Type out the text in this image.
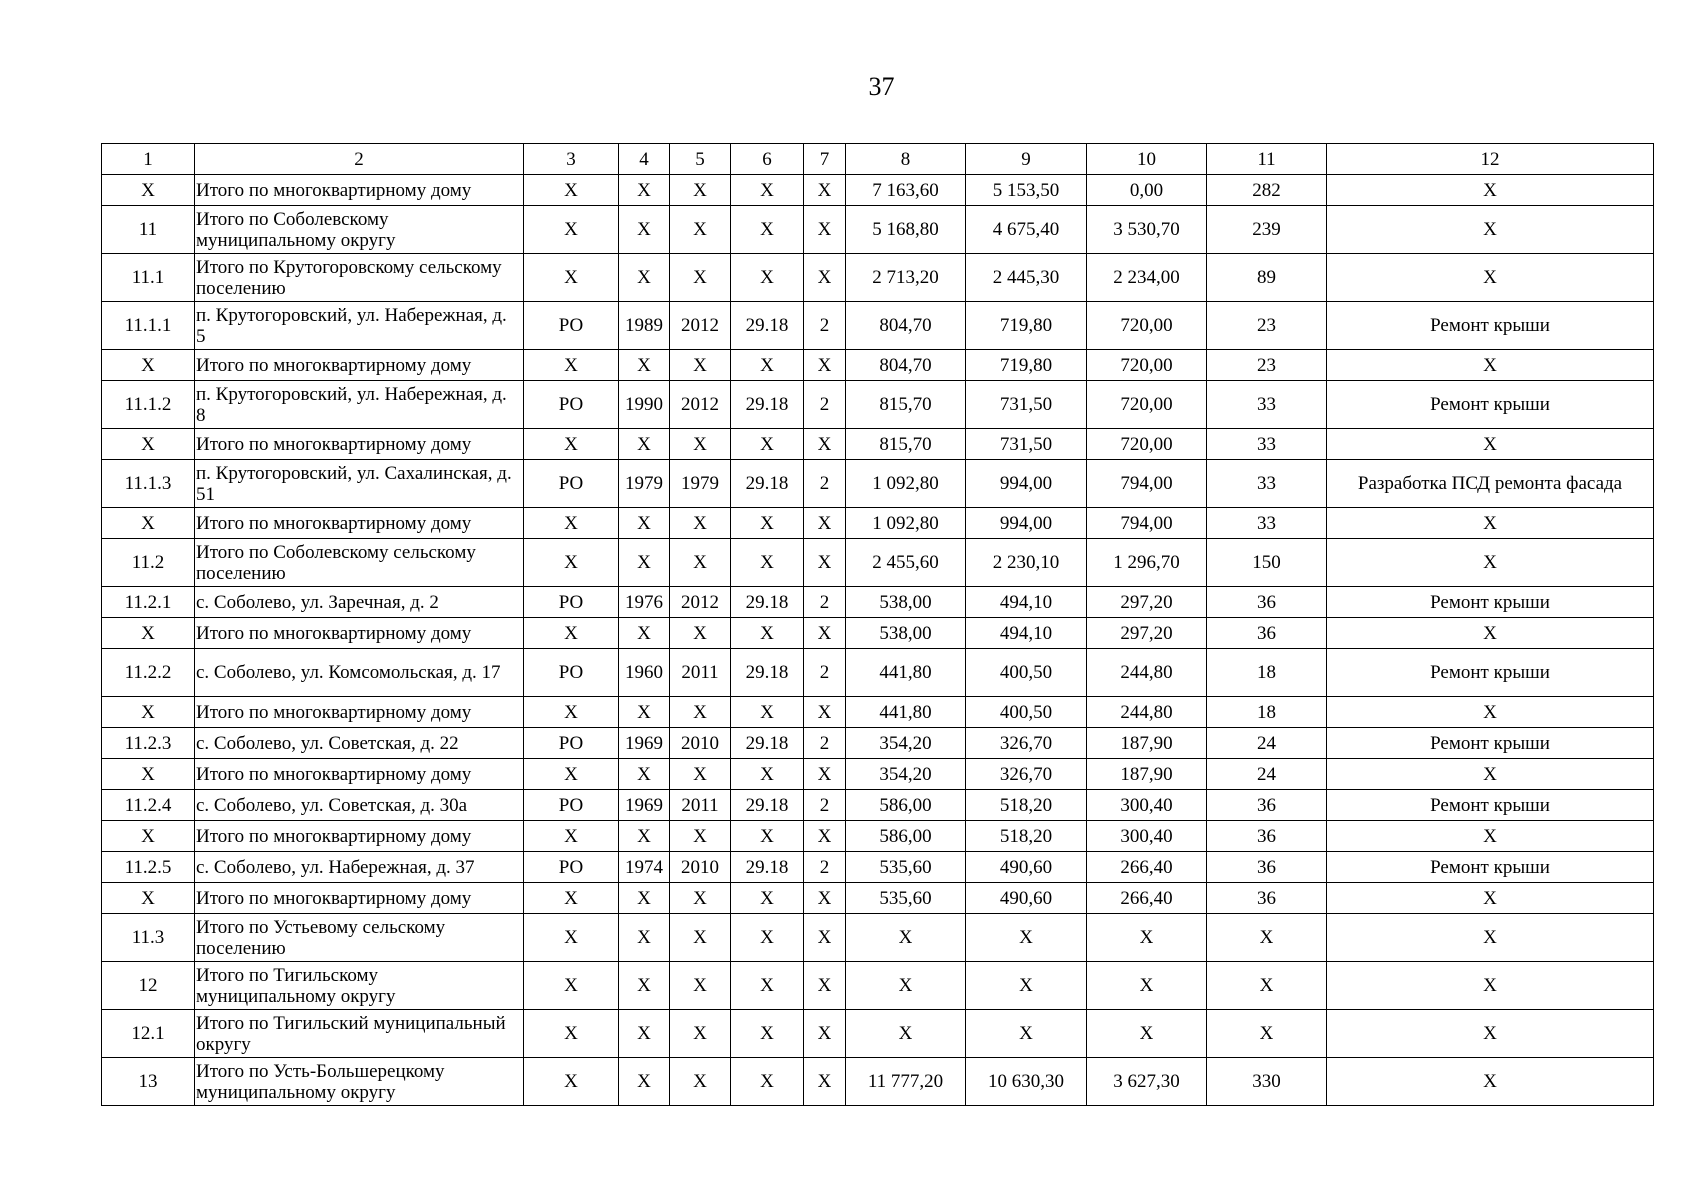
37
1	2	3	4	5	6	7	8	9	10	11	12
Х	Итого по многоквартирному дому	Х	Х	Х	Х	Х	7 163,60	5 153,50	0,00	282	Х
11	Итого по Соболевскому муниципальному округу	Х	Х	Х	Х	Х	5 168,80	4 675,40	3 530,70	239	Х
11.1	Итого по Крутогоровскому сельскому поселению	Х	Х	Х	Х	Х	2 713,20	2 445,30	2 234,00	89	Х
11.1.1	п. Крутогоровский, ул. Набережная, д. 5	РО	1989	2012	29.18	2	804,70	719,80	720,00	23	Ремонт крыши
Х	Итого по многоквартирному дому	Х	Х	Х	Х	Х	804,70	719,80	720,00	23	Х
11.1.2	п. Крутогоровский, ул. Набережная, д. 8	РО	1990	2012	29.18	2	815,70	731,50	720,00	33	Ремонт крыши
Х	Итого по многоквартирному дому	Х	Х	Х	Х	Х	815,70	731,50	720,00	33	Х
11.1.3	п. Крутогоровский, ул. Сахалинская, д. 51	РО	1979	1979	29.18	2	1 092,80	994,00	794,00	33	Разработка ПСД ремонта фасада
Х	Итого по многоквартирному дому	Х	Х	Х	Х	Х	1 092,80	994,00	794,00	33	Х
11.2	Итого по Соболевскому сельскому поселению	Х	Х	Х	Х	Х	2 455,60	2 230,10	1 296,70	150	Х
11.2.1	с. Соболево, ул. Заречная, д. 2	РО	1976	2012	29.18	2	538,00	494,10	297,20	36	Ремонт крыши
Х	Итого по многоквартирному дому	Х	Х	Х	Х	Х	538,00	494,10	297,20	36	Х
11.2.2	с. Соболево, ул. Комсомольская, д. 17	РО	1960	2011	29.18	2	441,80	400,50	244,80	18	Ремонт крыши
Х	Итого по многоквартирному дому	Х	Х	Х	Х	Х	441,80	400,50	244,80	18	Х
11.2.3	с. Соболево, ул. Советская, д. 22	РО	1969	2010	29.18	2	354,20	326,70	187,90	24	Ремонт крыши
Х	Итого по многоквартирному дому	Х	Х	Х	Х	Х	354,20	326,70	187,90	24	Х
11.2.4	с. Соболево, ул. Советская, д. 30а	РО	1969	2011	29.18	2	586,00	518,20	300,40	36	Ремонт крыши
Х	Итого по многоквартирному дому	Х	Х	Х	Х	Х	586,00	518,20	300,40	36	Х
11.2.5	с. Соболево, ул. Набережная, д. 37	РО	1974	2010	29.18	2	535,60	490,60	266,40	36	Ремонт крыши
Х	Итого по многоквартирному дому	Х	Х	Х	Х	Х	535,60	490,60	266,40	36	Х
11.3	Итого по Устьевому сельскому поселению	Х	Х	Х	Х	Х	Х	Х	Х	Х	Х
12	Итого по Тигильскому муниципальному округу	Х	Х	Х	Х	Х	Х	Х	Х	Х	Х
12.1	Итого по Тигильский муниципальный округу	Х	Х	Х	Х	Х	Х	Х	Х	Х	Х
13	Итого по Усть-Большерецкому муниципальному округу	Х	Х	Х	Х	Х	11 777,20	10 630,30	3 627,30	330	Х
